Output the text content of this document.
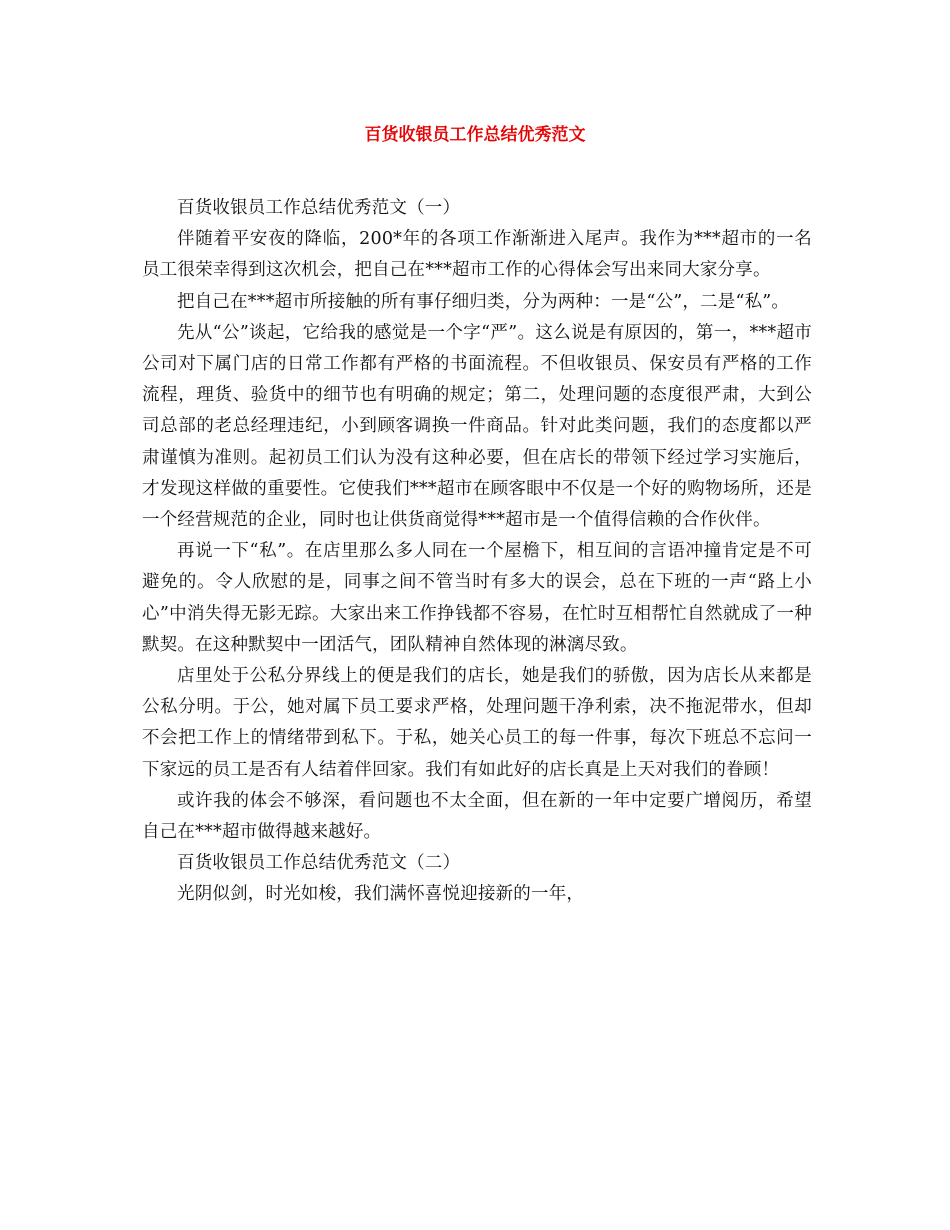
百货收银员工作总结优秀范文

百货收银员工作总结优秀范文（一）

伴随着平安夜的降临，200*年的各项工作渐渐进入尾声。我作为***超市的一名员工很荣幸得到这次机会，把自己在***超市工作的心得体会写出来同大家分享。

把自己在***超市所接触的所有事仔细归类，分为两种：一是“公”，二是“私”。

先从“公”谈起，它给我的感觉是一个字“严”。这么说是有原因的，第一，***超市公司对下属门店的日常工作都有严格的书面流程。不但收银员、保安员有严格的工作流程，理货、验货中的细节也有明确的规定；第二，处理问题的态度很严肃，大到公司总部的老总经理违纪，小到顾客调换一件商品。针对此类问题，我们的态度都以严肃谨慎为准则。起初员工们认为没有这种必要，但在店长的带领下经过学习实施后，才发现这样做的重要性。它使我们***超市在顾客眼中不仅是一个好的购物场所，还是一个经营规范的企业，同时也让供货商觉得***超市是一个值得信赖的合作伙伴。

再说一下“私”。在店里那么多人同在一个屋檐下，相互间的言语冲撞肯定是不可避免的。令人欣慰的是，同事之间不管当时有多大的误会，总在下班的一声“路上小心”中消失得无影无踪。大家出来工作挣钱都不容易，在忙时互相帮忙自然就成了一种默契。在这种默契中一团活气，团队精神自然体现的淋漓尽致。

店里处于公私分界线上的便是我们的店长，她是我们的骄傲，因为店长从来都是公私分明。于公，她对属下员工要求严格，处理问题干净利索，决不拖泥带水，但却不会把工作上的情绪带到私下。于私，她关心员工的每一件事，每次下班总不忘问一下家远的员工是否有人结着伴回家。我们有如此好的店长真是上天对我们的眷顾！

或许我的体会不够深，看问题也不太全面，但在新的一年中定要广增阅历，希望自己在***超市做得越来越好。

百货收银员工作总结优秀范文（二）

光阴似剑，时光如梭，我们满怀喜悦迎接新的一年，
